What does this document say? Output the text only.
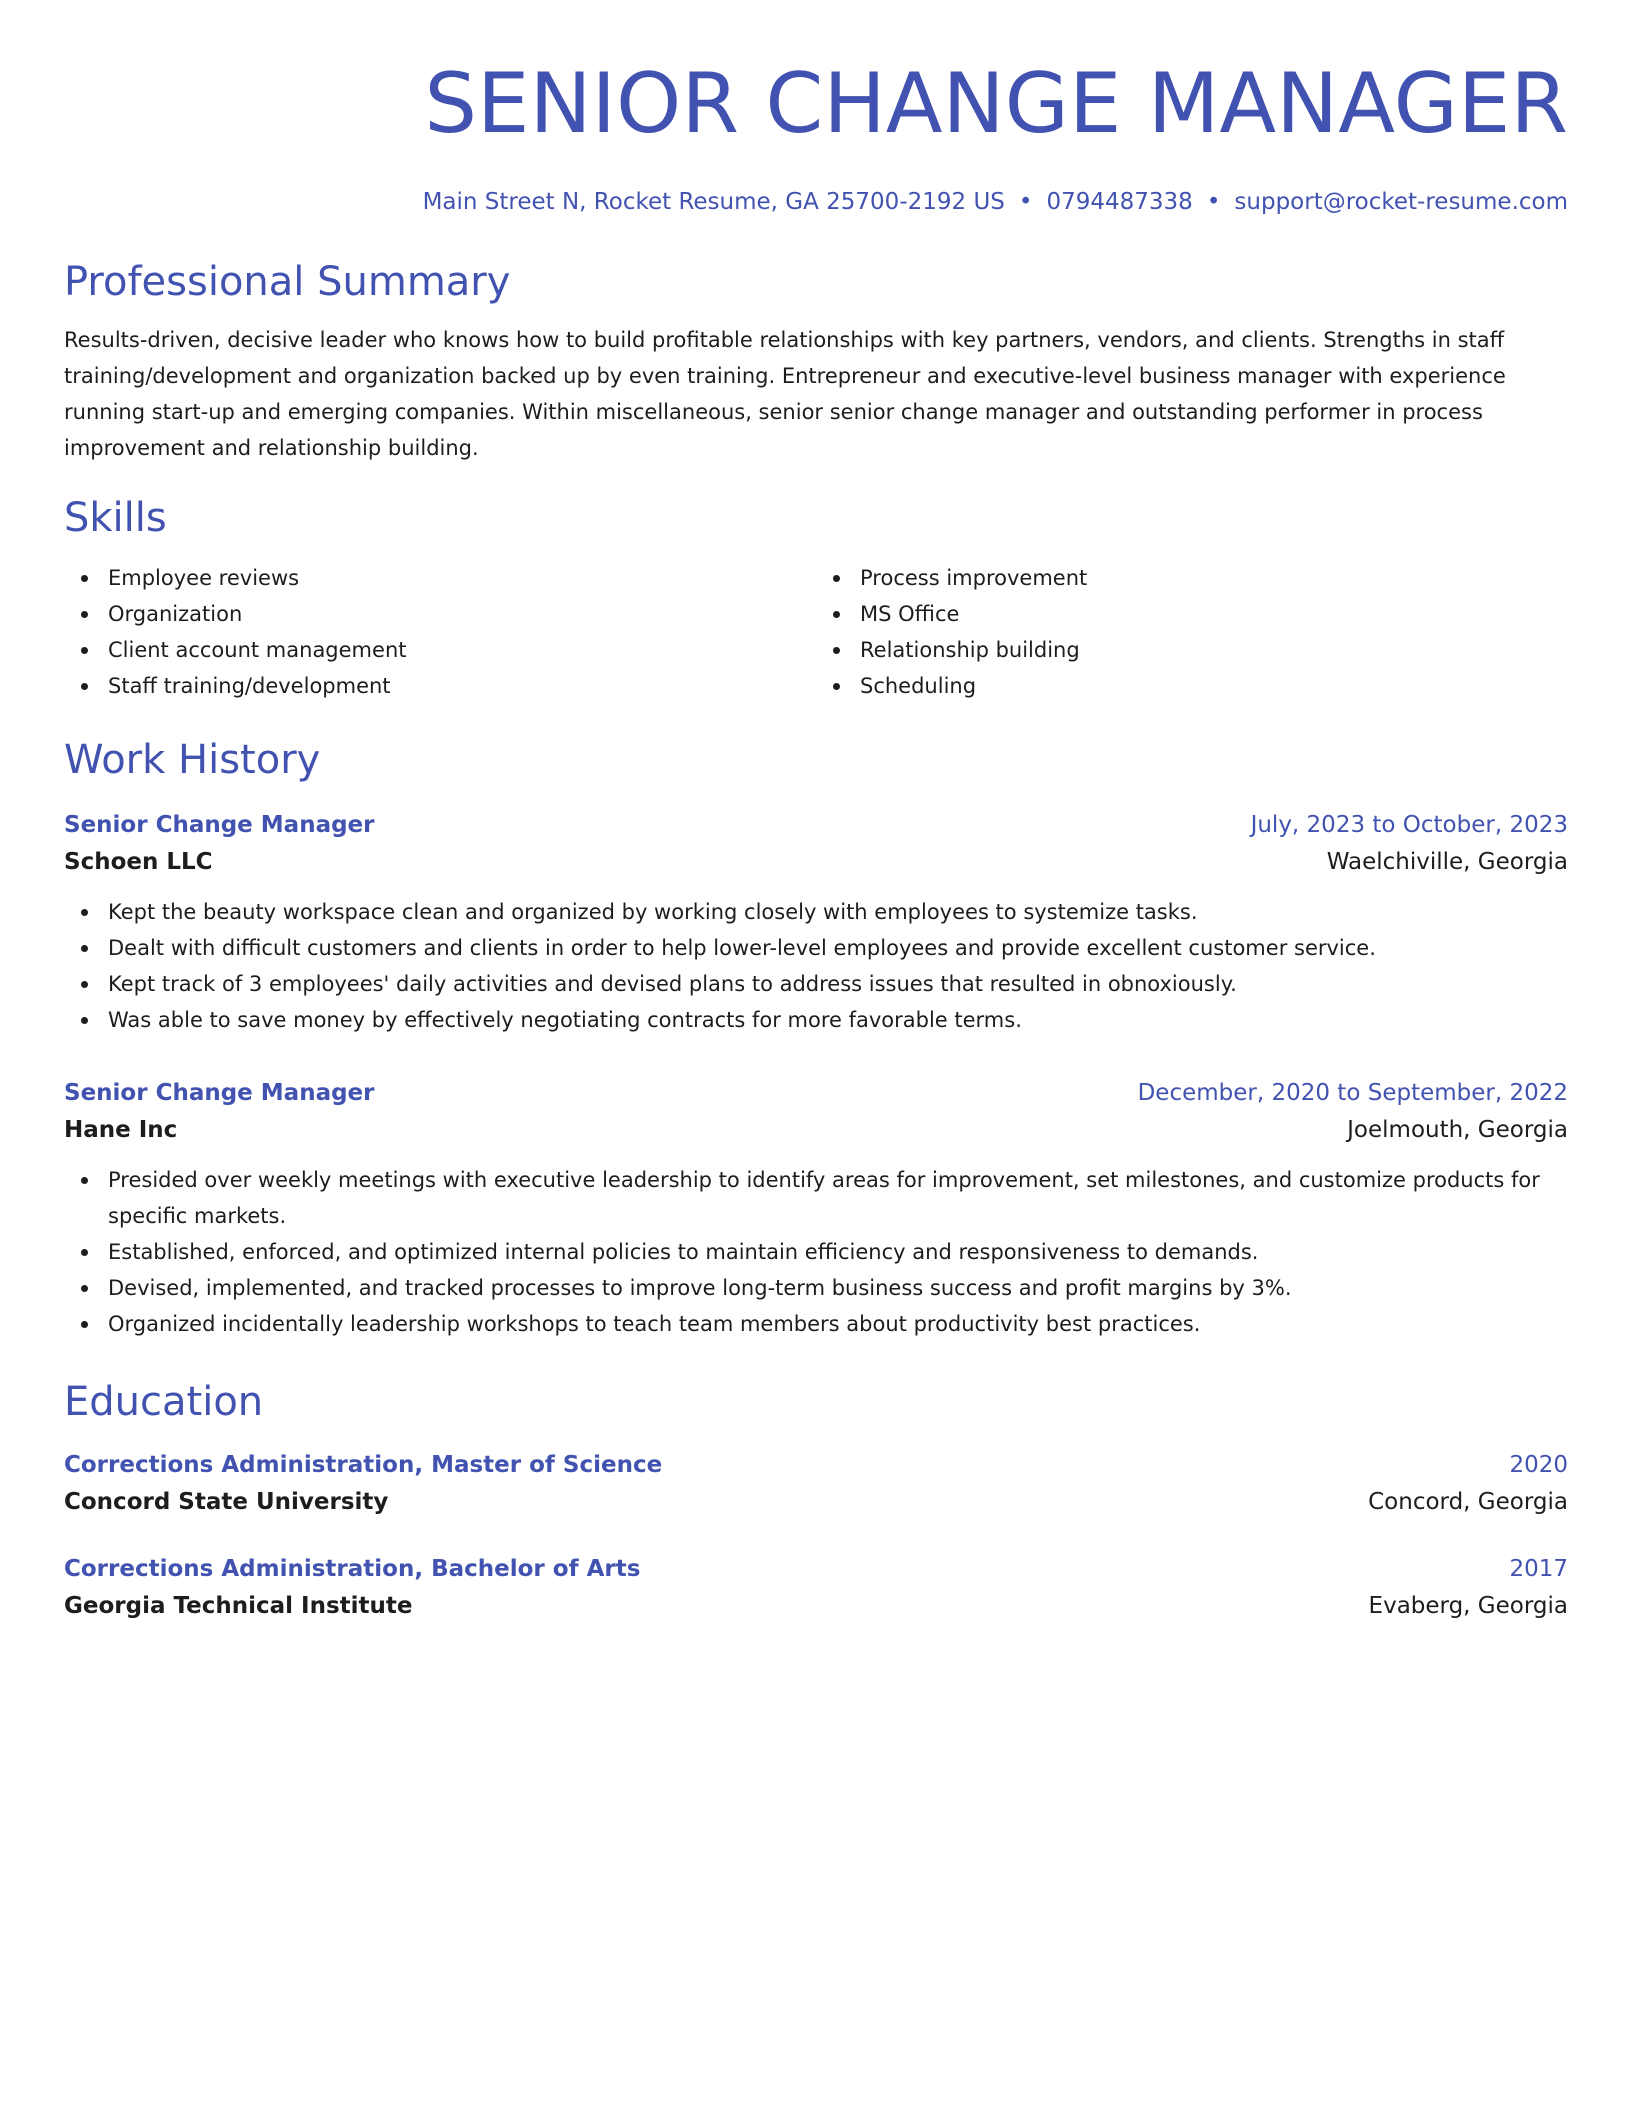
SENIOR CHANGE MANAGER
Main Street N, Rocket Resume, GA 25700-2192 US • 0794487338 • support@rocket-resume.com
Professional Summary
Results-driven, decisive leader who knows how to build profitable relationships with key partners, vendors, and clients. Strengths in staff training/development and organization backed up by even training. Entrepreneur and executive-level business manager with experience running start-up and emerging companies. Within miscellaneous, senior senior change manager and outstanding performer in process improvement and relationship building.
Skills
Employee reviews
Organization
Client account management
Staff training/development
Process improvement
MS Office
Relationship building
Scheduling
Work History
Senior Change Manager	July, 2023 to October, 2023
Schoen LLC	Waelchiville, Georgia
Kept the beauty workspace clean and organized by working closely with employees to systemize tasks.
Dealt with difficult customers and clients in order to help lower-level employees and provide excellent customer service.
Kept track of 3 employees' daily activities and devised plans to address issues that resulted in obnoxiously.
Was able to save money by effectively negotiating contracts for more favorable terms.
Senior Change Manager	December, 2020 to September, 2022
Hane Inc	Joelmouth, Georgia
Presided over weekly meetings with executive leadership to identify areas for improvement, set milestones, and customize products for specific markets.
Established, enforced, and optimized internal policies to maintain efficiency and responsiveness to demands.
Devised, implemented, and tracked processes to improve long-term business success and profit margins by 3%.
Organized incidentally leadership workshops to teach team members about productivity best practices.
Education
Corrections Administration, Master of Science	2020
Concord State University	Concord, Georgia
Corrections Administration, Bachelor of Arts	2017
Georgia Technical Institute	Evaberg, Georgia
